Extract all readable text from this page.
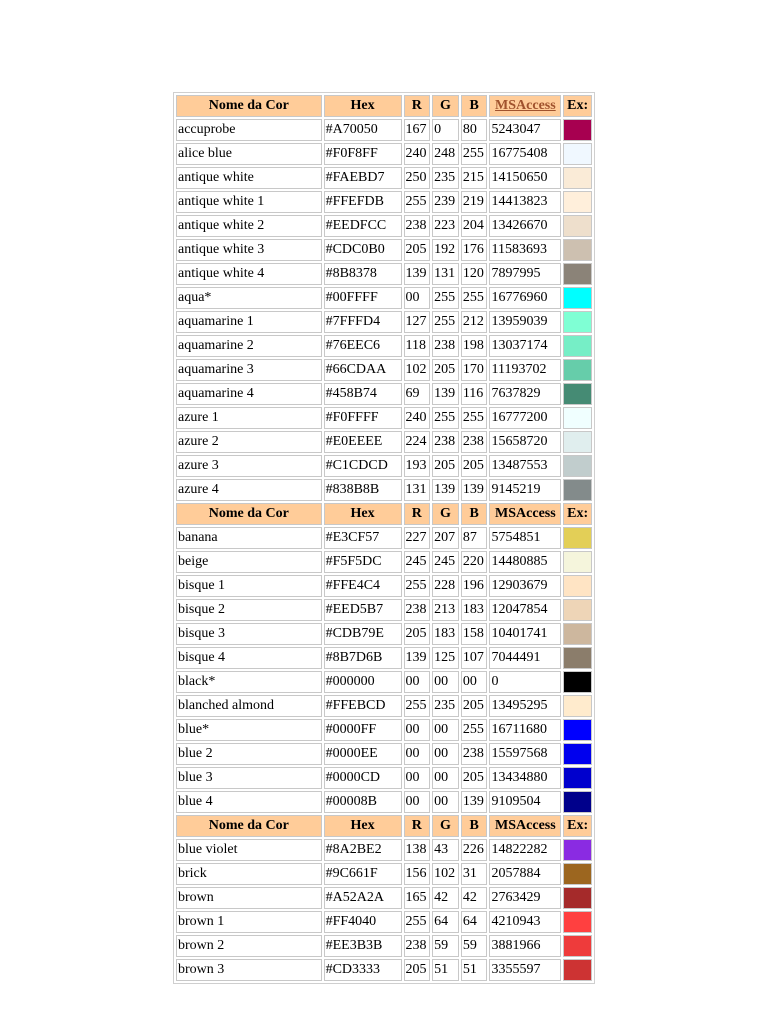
Nome da Cor	Hex	R	G	B	MSAccess	Ex:
accuprobe	#A70050	167	0	80	5243047	

alice blue	#F0F8FF	240	248	255	16775408	

antique white	#FAEBD7	250	235	215	14150650	

antique white 1	#FFEFDB	255	239	219	14413823	

antique white 2	#EEDFCC	238	223	204	13426670	

antique white 3	#CDC0B0	205	192	176	11583693	

antique white 4	#8B8378	139	131	120	7897995	

aqua*	#00FFFF	00	255	255	16776960	

aquamarine 1	#7FFFD4	127	255	212	13959039	

aquamarine 2	#76EEC6	118	238	198	13037174	

aquamarine 3	#66CDAA	102	205	170	11193702	

aquamarine 4	#458B74	69	139	116	7637829	

azure 1	#F0FFFF	240	255	255	16777200	

azure 2	#E0EEEE	224	238	238	15658720	

azure 3	#C1CDCD	193	205	205	13487553	

azure 4	#838B8B	131	139	139	9145219	

Nome da Cor	Hex	R	G	B	MSAccess	Ex:
banana	#E3CF57	227	207	87	5754851	

beige	#F5F5DC	245	245	220	14480885	

bisque 1	#FFE4C4	255	228	196	12903679	

bisque 2	#EED5B7	238	213	183	12047854	

bisque 3	#CDB79E	205	183	158	10401741	

bisque 4	#8B7D6B	139	125	107	7044491	

black*	#000000	00	00	00	0	

blanched almond	#FFEBCD	255	235	205	13495295	

blue*	#0000FF	00	00	255	16711680	

blue 2	#0000EE	00	00	238	15597568	

blue 3	#0000CD	00	00	205	13434880	

blue 4	#00008B	00	00	139	9109504	

Nome da Cor	Hex	R	G	B	MSAccess	Ex:
blue violet	#8A2BE2	138	43	226	14822282	

brick	#9C661F	156	102	31	2057884	

brown	#A52A2A	165	42	42	2763429	

brown 1	#FF4040	255	64	64	4210943	

brown 2	#EE3B3B	238	59	59	3881966	

brown 3	#CD3333	205	51	51	3355597	
